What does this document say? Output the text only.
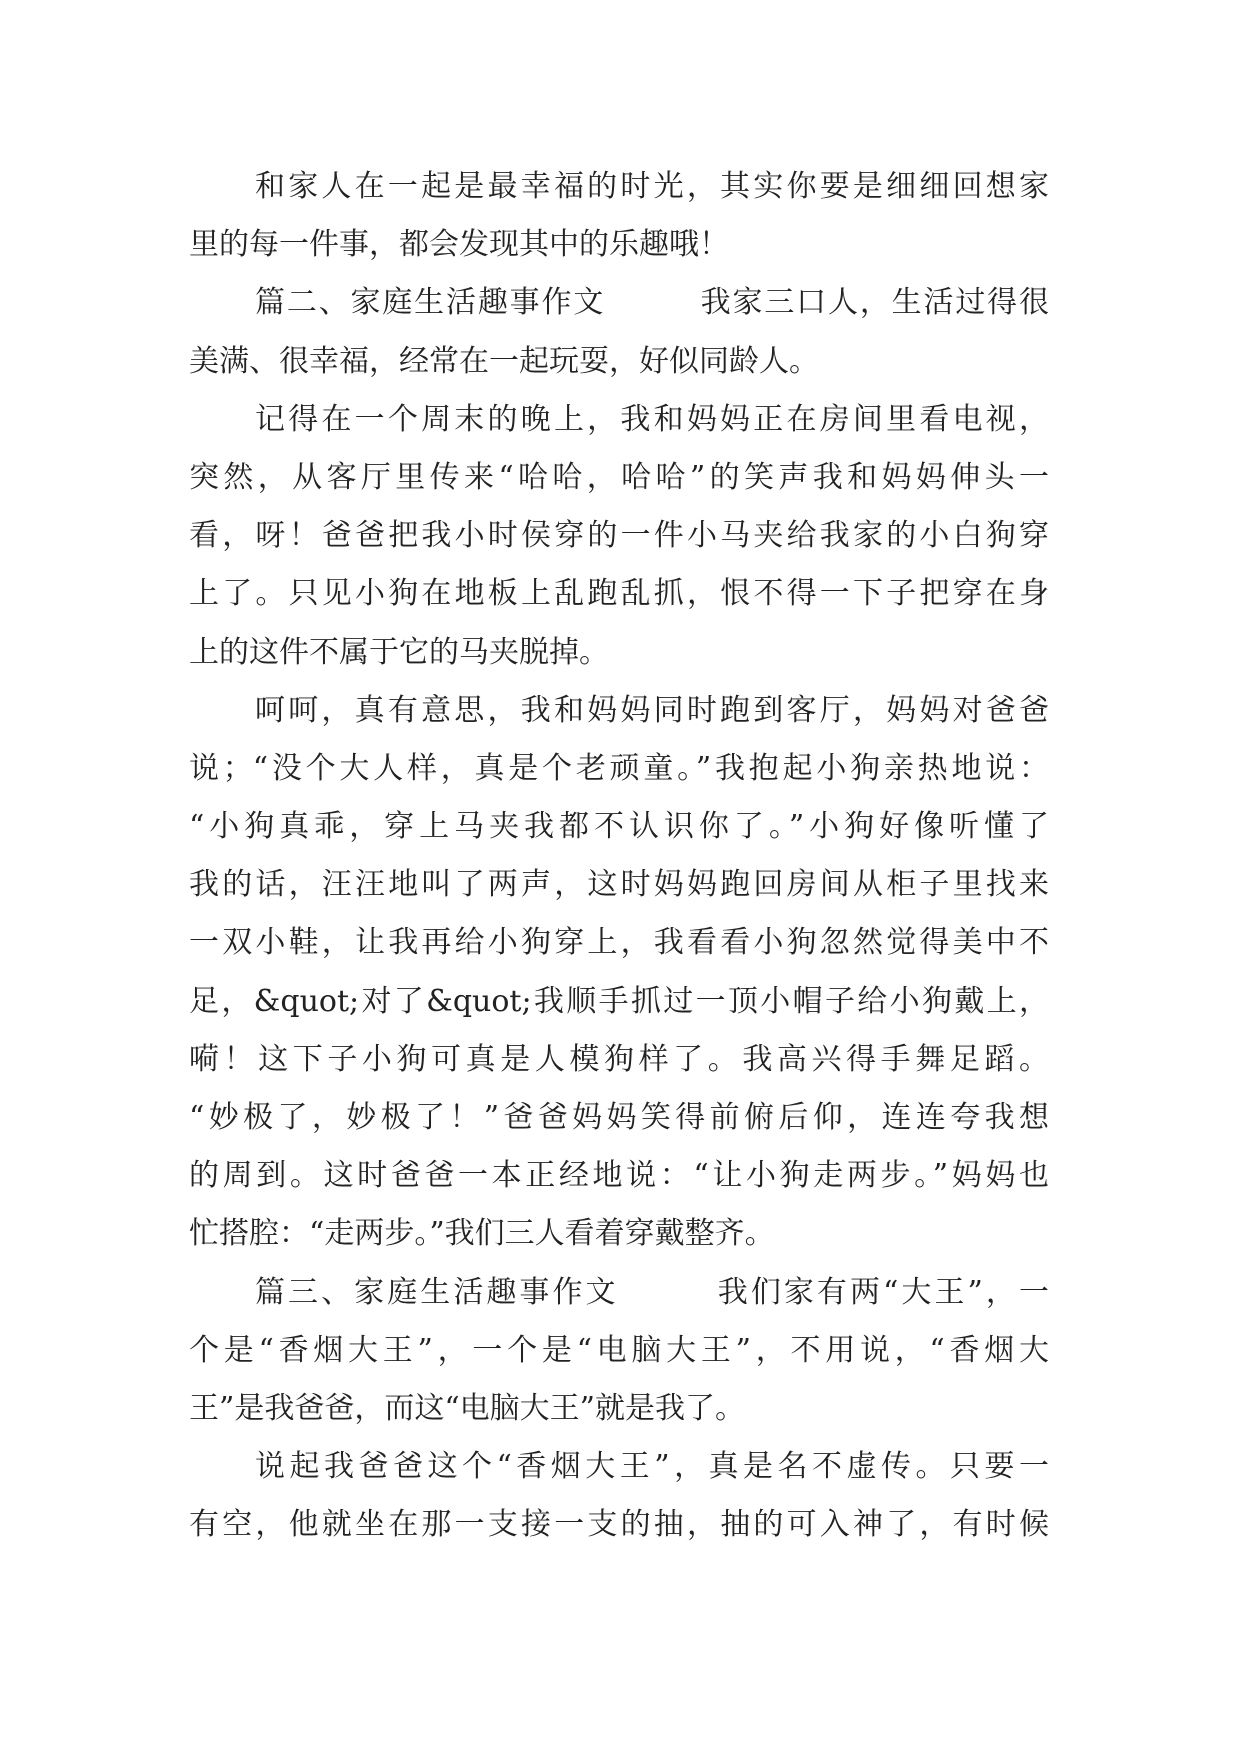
和家人在一起是最幸福的时光，其实你要是细细回想家
里的每一件事，都会发现其中的乐趣哦！
篇二、家庭生活趣事作文　　　我家三口人，生活过得很
美满、很幸福，经常在一起玩耍，好似同龄人。
记得在一个周末的晚上，我和妈妈正在房间里看电视，
突然，从客厅里传来“哈哈，哈哈”的笑声我和妈妈伸头一
看，呀！爸爸把我小时侯穿的一件小马夹给我家的小白狗穿
上了。只见小狗在地板上乱跑乱抓，恨不得一下子把穿在身
上的这件不属于它的马夹脱掉。
呵呵，真有意思，我和妈妈同时跑到客厅，妈妈对爸爸
说；“没个大人样，真是个老顽童。”我抱起小狗亲热地说：
“小狗真乖，穿上马夹我都不认识你了。”小狗好像听懂了
我的话，汪汪地叫了两声，这时妈妈跑回房间从柜子里找来
一双小鞋，让我再给小狗穿上，我看看小狗忽然觉得美中不
足，&quot;对了&quot;我顺手抓过一顶小帽子给小狗戴上，
嗬！这下子小狗可真是人模狗样了。我高兴得手舞足蹈。
“妙极了，妙极了！”爸爸妈妈笑得前俯后仰，连连夸我想
的周到。这时爸爸一本正经地说：“让小狗走两步。”妈妈也
忙搭腔：“走两步。”我们三人看着穿戴整齐。
篇三、家庭生活趣事作文　　　我们家有两“大王”，一
个是“香烟大王”，一个是“电脑大王”，不用说，“香烟大
王”是我爸爸，而这“电脑大王”就是我了。
说起我爸爸这个“香烟大王”，真是名不虚传。只要一
有空，他就坐在那一支接一支的抽，抽的可入神了，有时候
